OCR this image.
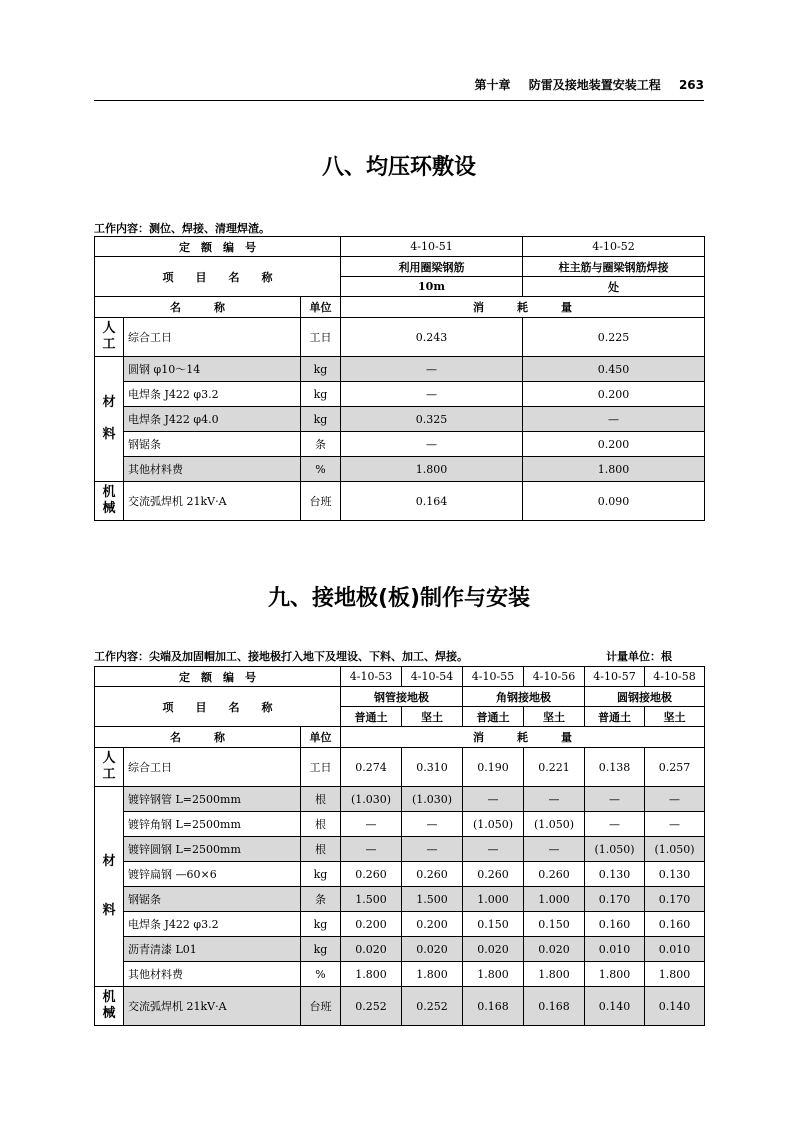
第十章 防雷及接地装置安装工程 263
八、均压环敷设
工作内容：测位、焊接、清理焊渣。
定　额　编　号			4-10-51	4-10-52
项　　目　　名　　称			利用圈梁钢筋	柱主筋与圈梁钢筋焊接
			10m	处
名　　　称		单位	消　　　耗　　　量	
人
工	综合工日	工日	0.243	0.225
材

料	圆钢 φ10～14	kg	—	0.450
	电焊条 J422 φ3.2	kg	—	0.200
	电焊条 J422 φ4.0	kg	0.325	—
	钢锯条	条	—	0.200
	其他材料费	%	1.800	1.800
机
械	交流弧焊机 21kV·A	台班	0.164	0.090
九、接地极(板)制作与安装
工作内容：尖端及加固帽加工、接地极打入地下及埋设、下料、加工、焊接。	计量单位：根
定　额　编　号			4-10-53	4-10-54	4-10-55	4-10-56	4-10-57	4-10-58
项　　目　　名　　称			钢管接地极		角钢接地极		圆钢接地极	
			普通土	坚土	普通土	坚土	普通土	坚土
名　　　称		单位	消　　　耗　　　量					
人
工	综合工日	工日	0.274	0.310	0.190	0.221	0.138	0.257
材

料	镀锌钢管 L=2500mm	根	(1.030)	(1.030)	—	—	—	—
	镀锌角钢 L=2500mm	根	—	—	(1.050)	(1.050)	—	—
	镀锌圆钢 L=2500mm	根	—	—	—	—	(1.050)	(1.050)
	镀锌扁钢 —60×6	kg	0.260	0.260	0.260	0.260	0.130	0.130
	钢锯条	条	1.500	1.500	1.000	1.000	0.170	0.170
	电焊条 J422 φ3.2	kg	0.200	0.200	0.150	0.150	0.160	0.160
	沥青清漆 L01	kg	0.020	0.020	0.020	0.020	0.010	0.010
	其他材料费	%	1.800	1.800	1.800	1.800	1.800	1.800
机
械	交流弧焊机 21kV·A	台班	0.252	0.252	0.168	0.168	0.140	0.140
